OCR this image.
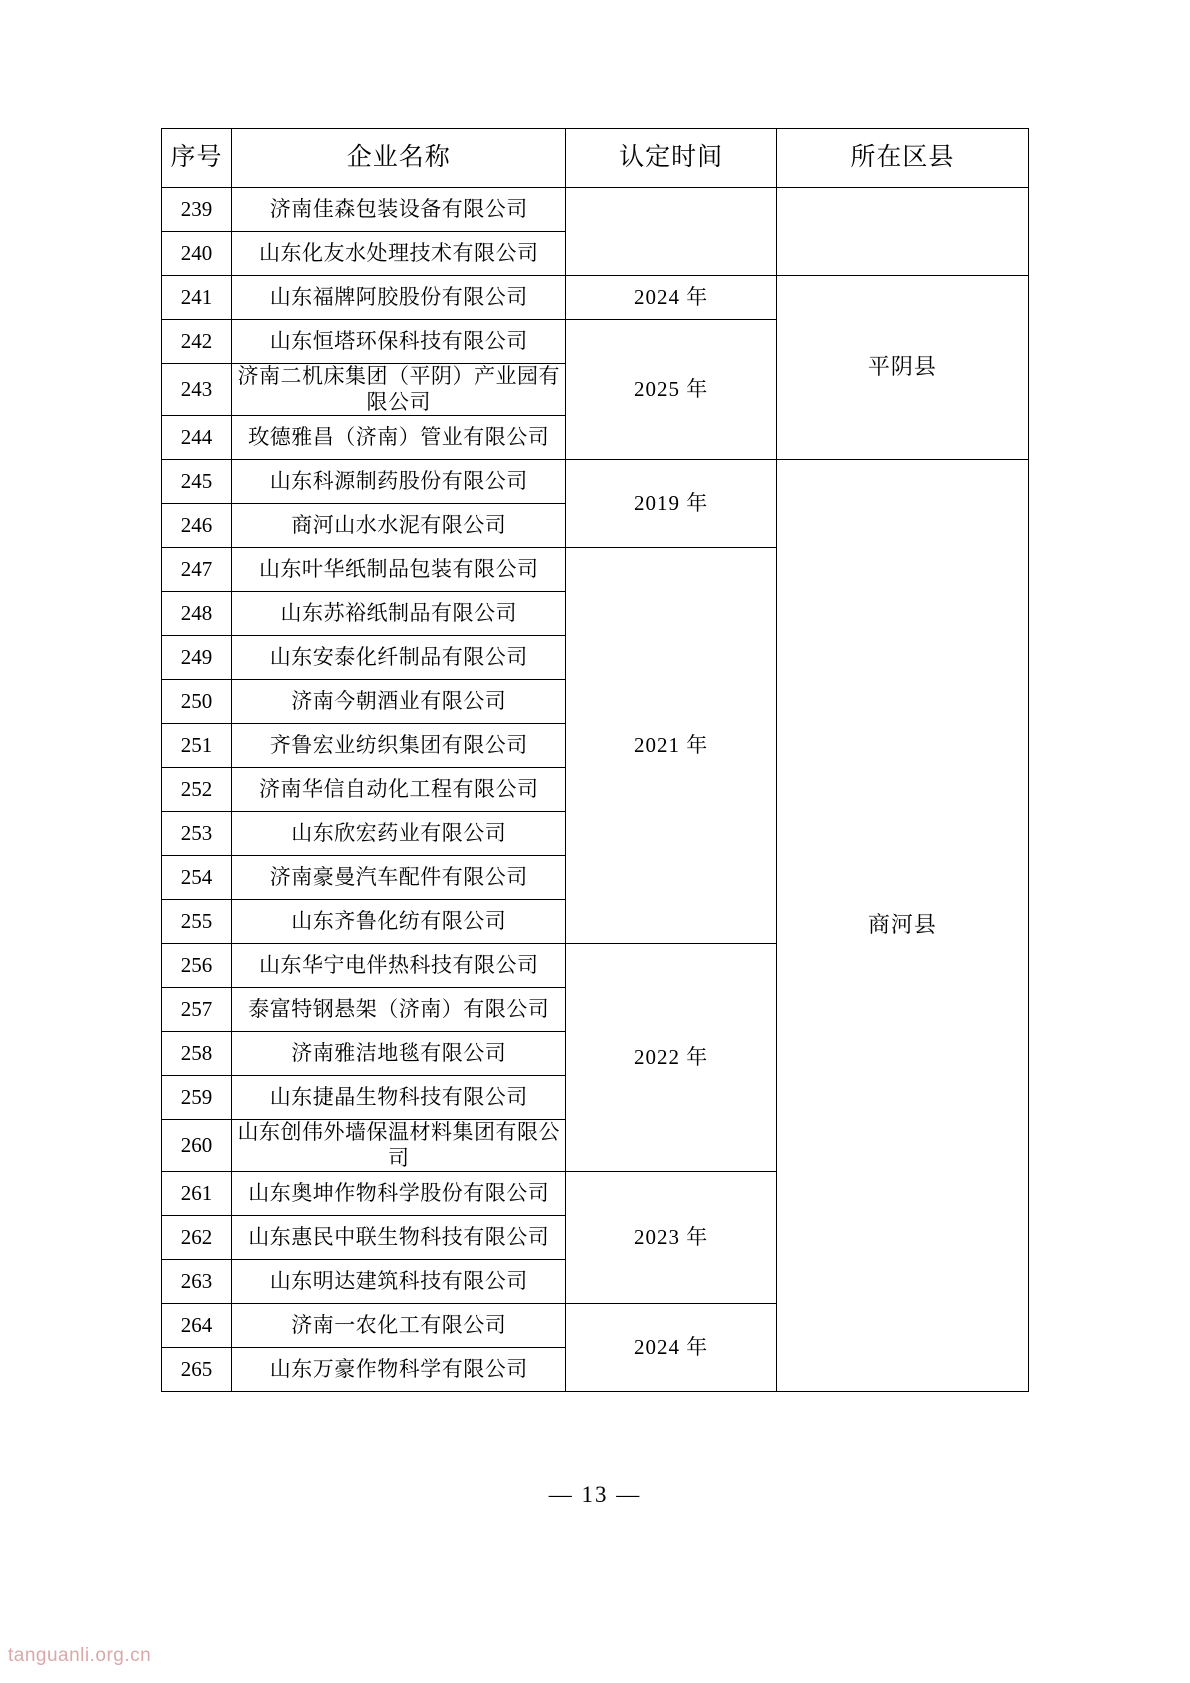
序号	企业名称	认定时间	所在区县
239	济南佳森包装设备有限公司		
240	山东化友水处理技术有限公司		
241	山东福牌阿胶股份有限公司	2024 年	平阴县
242	山东恒塔环保科技有限公司	2025 年	
243	济南二机床集团（平阴）产业园有限公司		
244	玫德雅昌（济南）管业有限公司		
245	山东科源制药股份有限公司	2019 年	商河县
246	商河山水水泥有限公司		
247	山东叶华纸制品包装有限公司	2021 年	
248	山东苏裕纸制品有限公司		
249	山东安泰化纤制品有限公司		
250	济南今朝酒业有限公司		
251	齐鲁宏业纺织集团有限公司		
252	济南华信自动化工程有限公司		
253	山东欣宏药业有限公司		
254	济南豪曼汽车配件有限公司		
255	山东齐鲁化纺有限公司		
256	山东华宁电伴热科技有限公司	2022 年	
257	泰富特钢悬架（济南）有限公司		
258	济南雅洁地毯有限公司		
259	山东捷晶生物科技有限公司		
260	山东创伟外墙保温材料集团有限公司		
261	山东奥坤作物科学股份有限公司	2023 年	
262	山东惠民中联生物科技有限公司		
263	山东明达建筑科技有限公司		
264	济南一农化工有限公司	2024 年	
265	山东万豪作物科学有限公司		
— 13 —
tanguanli.org.cn
